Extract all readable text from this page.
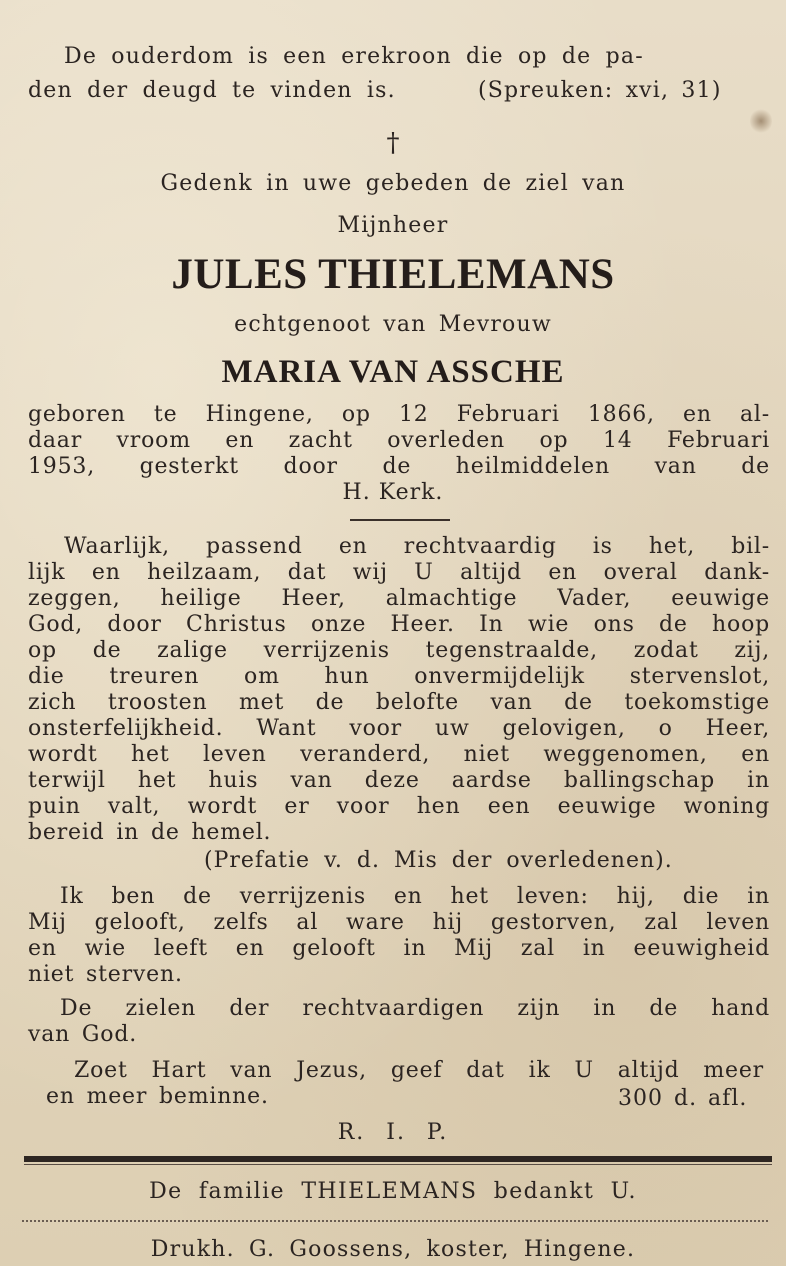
De ouderdom is een erekroon die op de pa-
den der deugd te vinden is.	(Spreuken: xvi, 31)
†
Gedenk in uwe gebeden de ziel van
Mijnheer
JULES THIELEMANS
echtgenoot van Mevrouw
MARIA VAN ASSCHE
geboren te Hingene, op 12 Februari 1866, en al-
daar vroom en zacht overleden op 14 Februari
1953, gesterkt door de heilmiddelen van de
H. Kerk.
Waarlijk, passend en rechtvaardig is het, bil-
lijk en heilzaam, dat wij U altijd en overal dank-
zeggen, heilige Heer, almachtige Vader, eeuwige
God, door Christus onze Heer. In wie ons de hoop
op de zalige verrijzenis tegenstraalde, zodat zij,
die treuren om hun onvermijdelijk stervenslot,
zich troosten met de belofte van de toekomstige
onsterfelijkheid. Want voor uw gelovigen, o Heer,
wordt het leven veranderd, niet weggenomen, en
terwijl het huis van deze aardse ballingschap in
puin valt, wordt er voor hen een eeuwige woning
bereid in de hemel.
(Prefatie v. d. Mis der overledenen).
Ik ben de verrijzenis en het leven: hij, die in
Mij gelooft, zelfs al ware hij gestorven, zal leven
en wie leeft en gelooft in Mij zal in eeuwigheid
niet sterven.
De zielen der rechtvaardigen zijn in de hand
van God.
Zoet Hart van Jezus, geef dat ik U altijd meer
en meer beminne.	300 d. afl.
R. I. P.
De familie THIELEMANS bedankt U.
Drukh. G. Goossens, koster, Hingene.
